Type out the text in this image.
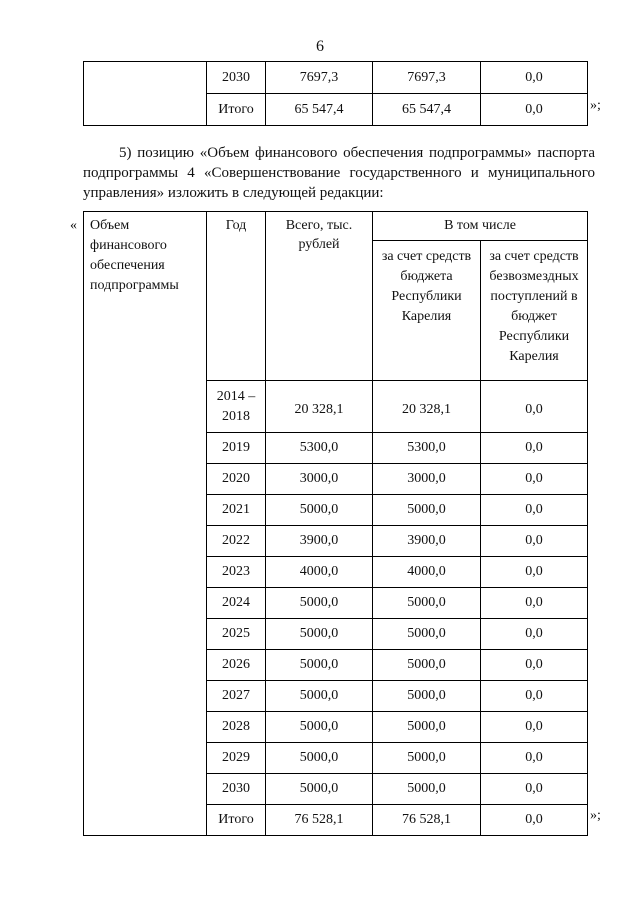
6
	2030	7697,3	7697,3	0,0
	Итого	65 547,4	65 547,4	0,0	»;
5) позицию «Объем финансового обеспечения подпрограммы» паспорта
подпрограммы 4 «Совершенствование государственного и муниципального
управления» изложить в следующей редакции:
« Объем финансового обеспечения подпрограммы	Год	Всего, тыс. рублей	В том числе	
			за счет средств бюджета Республики Карелия	за счет средств безвозмездных поступлений в бюджет Республики Карелия
	2014 – 2018	20 328,1	20 328,1	0,0
	2019	5300,0	5300,0	0,0
	2020	3000,0	3000,0	0,0
	2021	5000,0	5000,0	0,0
	2022	3900,0	3900,0	0,0
	2023	4000,0	4000,0	0,0
	2024	5000,0	5000,0	0,0
	2025	5000,0	5000,0	0,0
	2026	5000,0	5000,0	0,0
	2027	5000,0	5000,0	0,0
	2028	5000,0	5000,0	0,0
	2029	5000,0	5000,0	0,0
	2030	5000,0	5000,0	0,0
	Итого	76 528,1	76 528,1	0,0	»;
